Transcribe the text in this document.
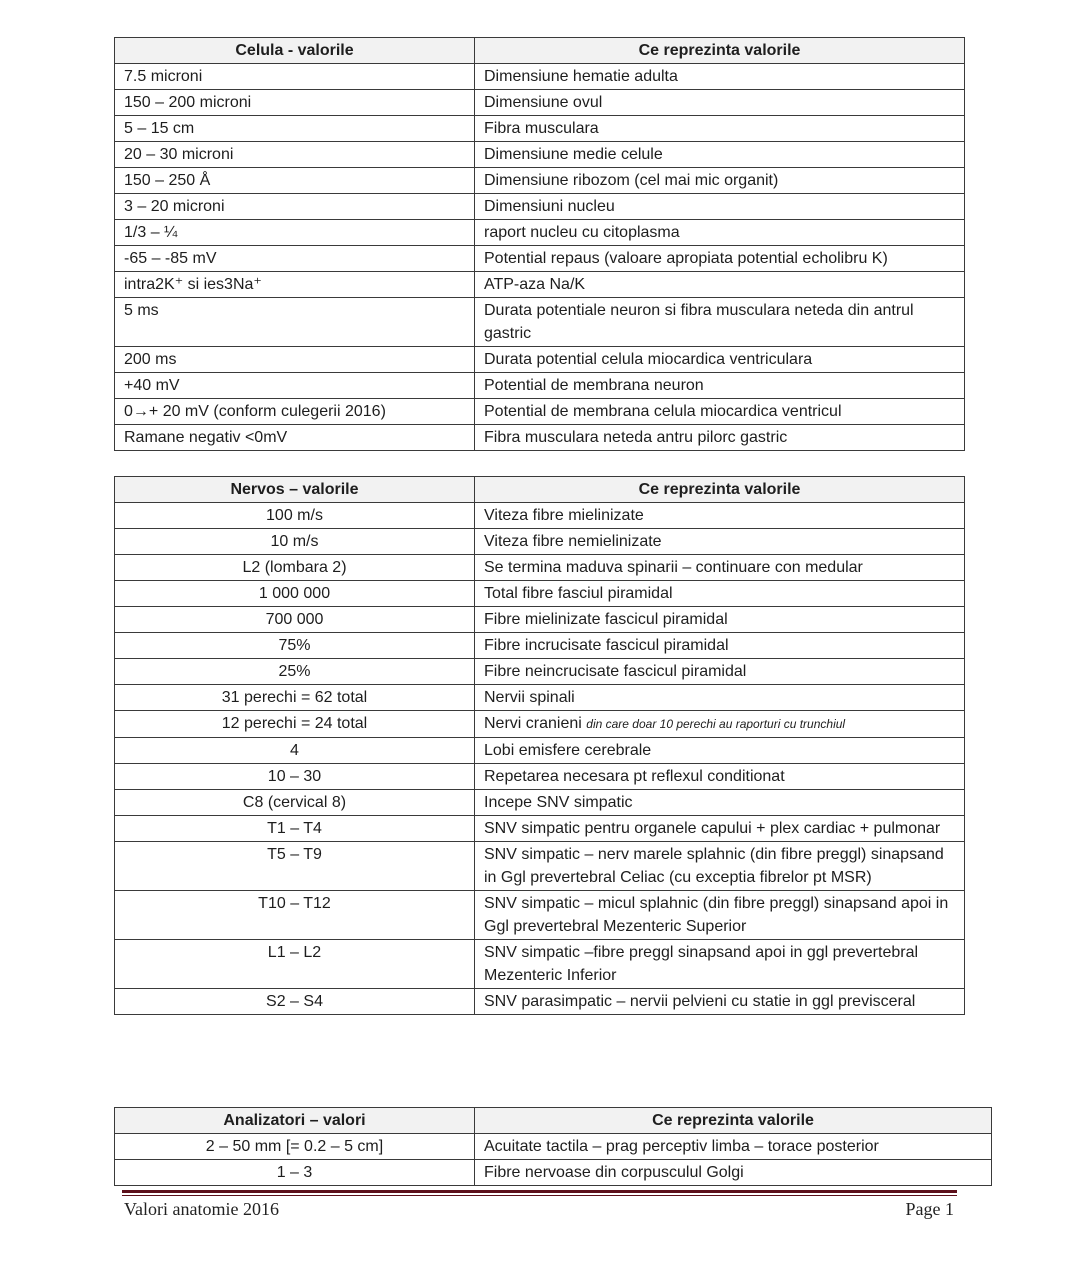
Celula - valorile	Ce reprezinta valorile
7.5 microni	Dimensiune hematie adulta
150 – 200 microni	Dimensiune ovul
5 – 15 cm	Fibra musculara
20 – 30 microni	Dimensiune medie celule
150 – 250 Å	Dimensiune ribozom (cel mai mic organit)
3 – 20 microni	Dimensiuni nucleu
1/3 – ¼	raport nucleu cu citoplasma
-65 – -85 mV	Potential repaus (valoare apropiata potential echolibru K)
intra2K⁺ si ies3Na⁺	ATP-aza Na/K
5 ms	Durata potentiale neuron si fibra musculara neteda din antrul gastric
200 ms	Durata potential celula miocardica ventriculara
+40 mV	Potential de membrana neuron
0→+ 20 mV (conform culegerii 2016)	Potential de membrana celula miocardica ventricul
Ramane negativ <0mV	Fibra musculara neteda antru pilorc gastric
Nervos – valorile	Ce reprezinta valorile
100 m/s	Viteza fibre mielinizate
10 m/s	Viteza fibre nemielinizate
L2 (lombara 2)	Se termina maduva spinarii – continuare con medular
1 000 000	Total fibre fasciul piramidal
700 000	Fibre mielinizate fascicul piramidal
75%	Fibre incrucisate fascicul piramidal
25%	Fibre neincrucisate fascicul piramidal
31 perechi = 62 total	Nervii spinali
12 perechi = 24 total	Nervi cranieni din care doar 10 perechi au raporturi cu trunchiul
4	Lobi emisfere cerebrale
10 – 30	Repetarea necesara pt reflexul conditionat
C8 (cervical 8)	Incepe SNV simpatic
T1 – T4	SNV simpatic pentru organele capului + plex cardiac + pulmonar
T5 – T9	SNV simpatic – nerv marele splahnic (din fibre preggl) sinapsand in Ggl prevertebral Celiac (cu exceptia fibrelor pt MSR)
T10 – T12	SNV simpatic – micul splahnic (din fibre preggl) sinapsand apoi in Ggl prevertebral Mezenteric Superior
L1 – L2	SNV simpatic –fibre preggl sinapsand apoi in ggl prevertebral Mezenteric Inferior
S2 – S4	SNV parasimpatic – nervii pelvieni cu statie in ggl previsceral
Analizatori – valori	Ce reprezinta valorile
2 – 50 mm [= 0.2 – 5 cm]	Acuitate tactila – prag perceptiv limba – torace posterior
1 – 3	Fibre nervoase din corpusculul Golgi
Valori anatomie 2016	Page 1
